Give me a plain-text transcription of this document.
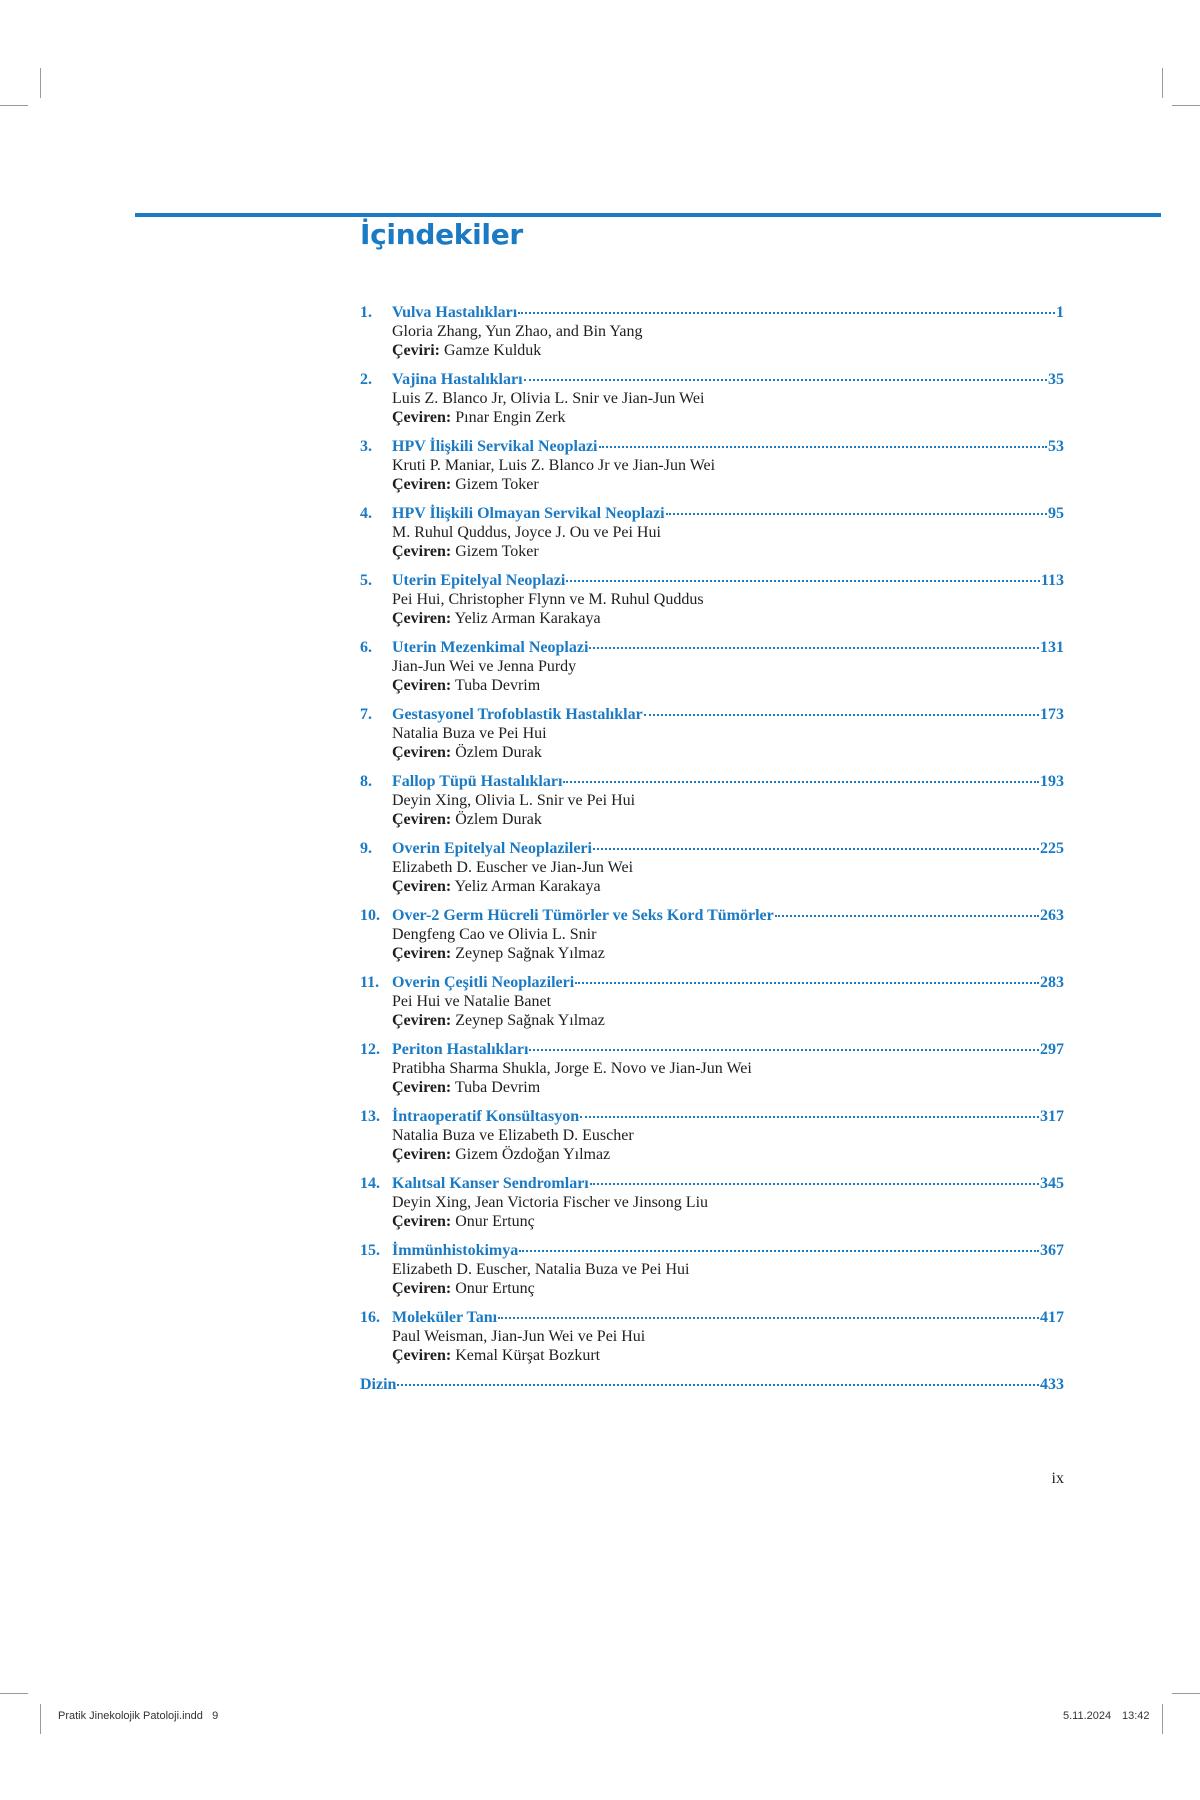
İçindekiler
1.	Vulva Hastalıkları	1
Gloria Zhang, Yun Zhao, and Bin Yang
Çeviri: Gamze Kulduk
2.	Vajina Hastalıkları	35
Luis Z. Blanco Jr, Olivia L. Snir ve Jian-Jun Wei
Çeviren: Pınar Engin Zerk
3.	HPV İlişkili Servikal Neoplazi	53
Kruti P. Maniar, Luis Z. Blanco Jr ve Jian-Jun Wei
Çeviren: Gizem Toker
4.	HPV İlişkili Olmayan Servikal Neoplazi	95
M. Ruhul Quddus, Joyce J. Ou ve Pei Hui
Çeviren: Gizem Toker
5.	Uterin Epitelyal Neoplazi	113
Pei Hui, Christopher Flynn ve M. Ruhul Quddus
Çeviren: Yeliz Arman Karakaya
6.	Uterin Mezenkimal Neoplazi	131
Jian-Jun Wei ve Jenna Purdy
Çeviren: Tuba Devrim
7.	Gestasyonel Trofoblastik Hastalıklar	173
Natalia Buza ve Pei Hui
Çeviren: Özlem Durak
8.	Fallop Tüpü Hastalıkları	193
Deyin Xing, Olivia L. Snir ve Pei Hui
Çeviren: Özlem Durak
9.	Overin Epitelyal Neoplazileri	225
Elizabeth D. Euscher ve Jian-Jun Wei
Çeviren: Yeliz Arman Karakaya
10. Over-2 Germ Hücreli Tümörler ve Seks Kord Tümörler	263
Dengfeng Cao ve Olivia L. Snir
Çeviren: Zeynep Sağnak Yılmaz
11. Overin Çeşitli Neoplazileri	283
Pei Hui ve Natalie Banet
Çeviren: Zeynep Sağnak Yılmaz
12. Periton Hastalıkları	297
Pratibha Sharma Shukla, Jorge E. Novo ve Jian-Jun Wei
Çeviren: Tuba Devrim
13. İntraoperatif Konsültasyon	317
Natalia Buza ve Elizabeth D. Euscher
Çeviren: Gizem Özdoğan Yılmaz
14. Kalıtsal Kanser Sendromları	345
Deyin Xing, Jean Victoria Fischer ve Jinsong Liu
Çeviren: Onur Ertunç
15. İmmünhistokimya	367
Elizabeth D. Euscher, Natalia Buza ve Pei Hui
Çeviren: Onur Ertunç
16. Moleküler Tanı	417
Paul Weisman, Jian-Jun Wei ve Pei Hui
Çeviren: Kemal Kürşat Bozkurt
Dizin	433
ix
Pratik Jinekolojik Patoloji.indd   9	5.11.2024 13:42
